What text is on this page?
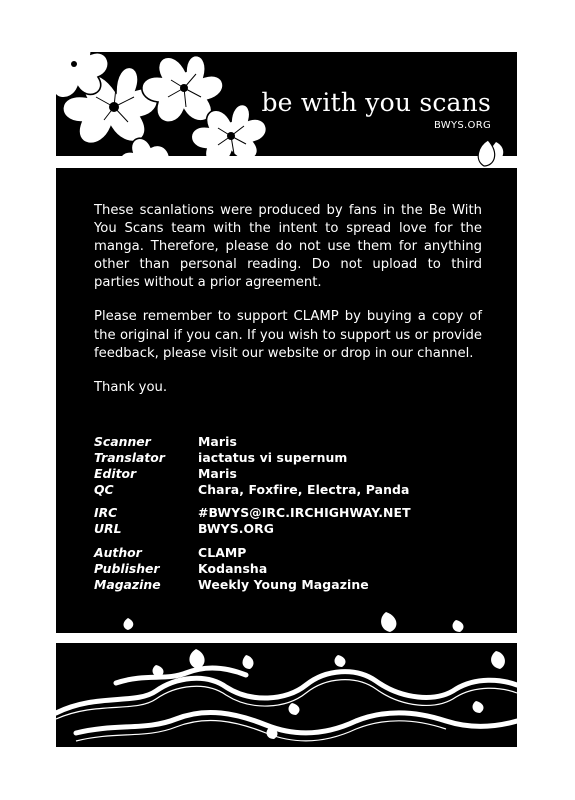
be with you scans
BWYS.ORG

These scanlations were produced by fans in the Be With You Scans team with the intent to spread love for the manga. Therefore, please do not use them for anything other than personal reading. Do not upload to third parties without a prior agreement.

Please remember to support CLAMP by buying a copy of the original if you can. If you wish to support us or provide feedback, please visit our website or drop in our channel.

Thank you.

Scanner	Maris
Translator	iactatus vi supernum
Editor	Maris
QC	Chara, Foxfire, Electra, Panda
IRC	#BWYS@IRC.IRCHIGHWAY.NET
URL	BWYS.ORG
Author	CLAMP
Publisher	Kodansha
Magazine	Weekly Young Magazine
